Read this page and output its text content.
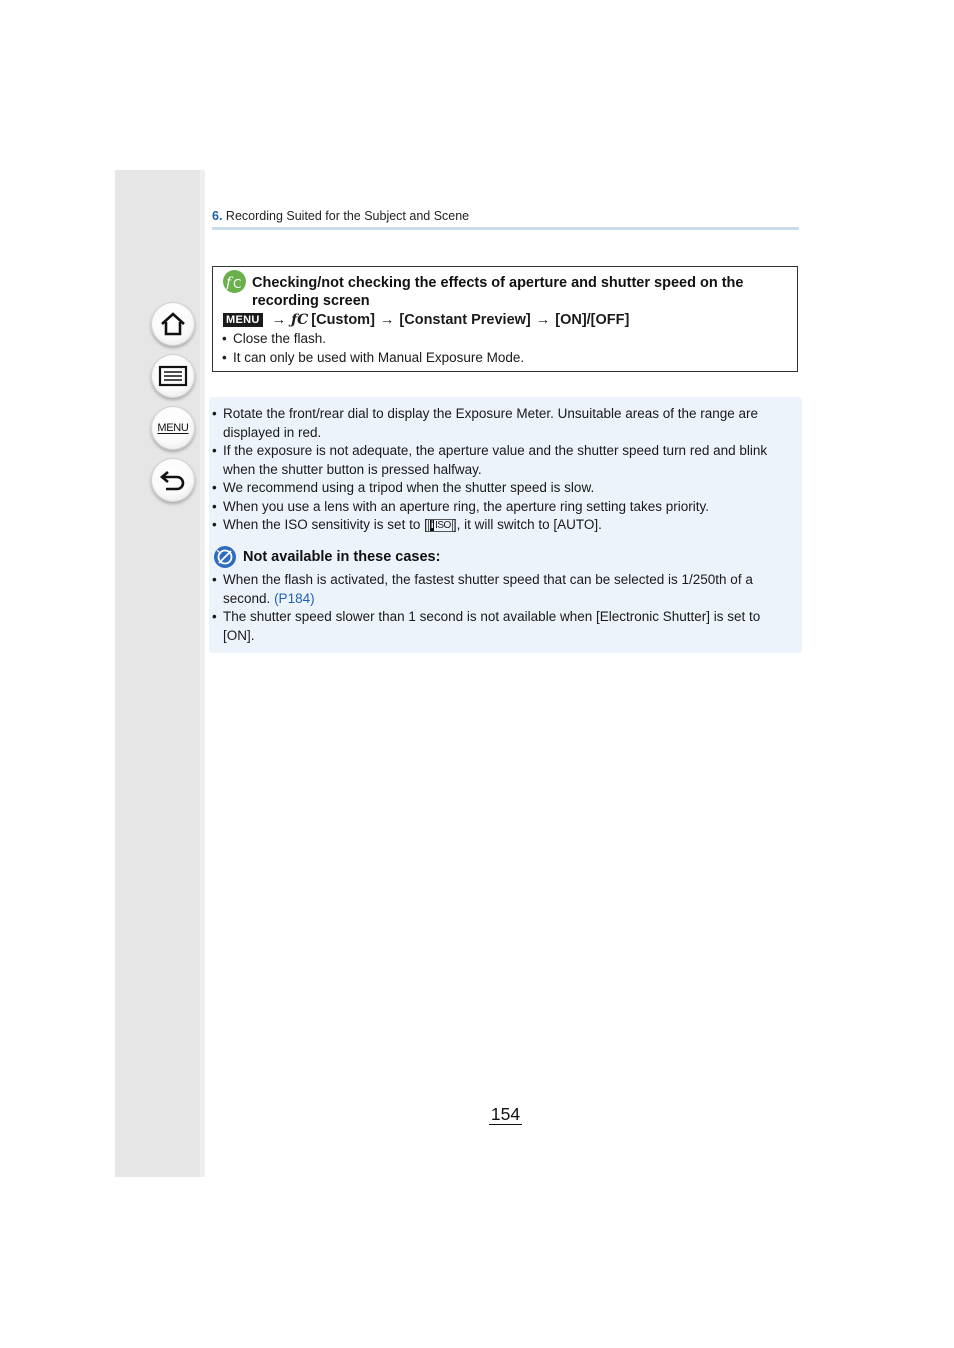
MENU
6. Recording Suited for the Subject and Scene
f C Checking/not checking the effects of aperture and shutter speed on the recording screen
MENU → ƒC [Custom] → [Constant Preview] → [ON]/[OFF]
• Close the flash.
• It can only be used with Manual Exposure Mode.
• Rotate the front/rear dial to display the Exposure Meter. Unsuitable areas of the range are displayed in red.
• If the exposure is not adequate, the aperture value and the shutter speed turn red and blink when the shutter button is pressed halfway.
• We recommend using a tripod when the shutter speed is slow.
• When you use a lens with an aperture ring, the aperture ring setting takes priority.
• When the ISO sensitivity is set to [ i ISO ], it will switch to [AUTO].
Not available in these cases:
• When the flash is activated, the fastest shutter speed that can be selected is 1/250th of a second. (P184)
• The shutter speed slower than 1 second is not available when [Electronic Shutter] is set to [ON].
154
